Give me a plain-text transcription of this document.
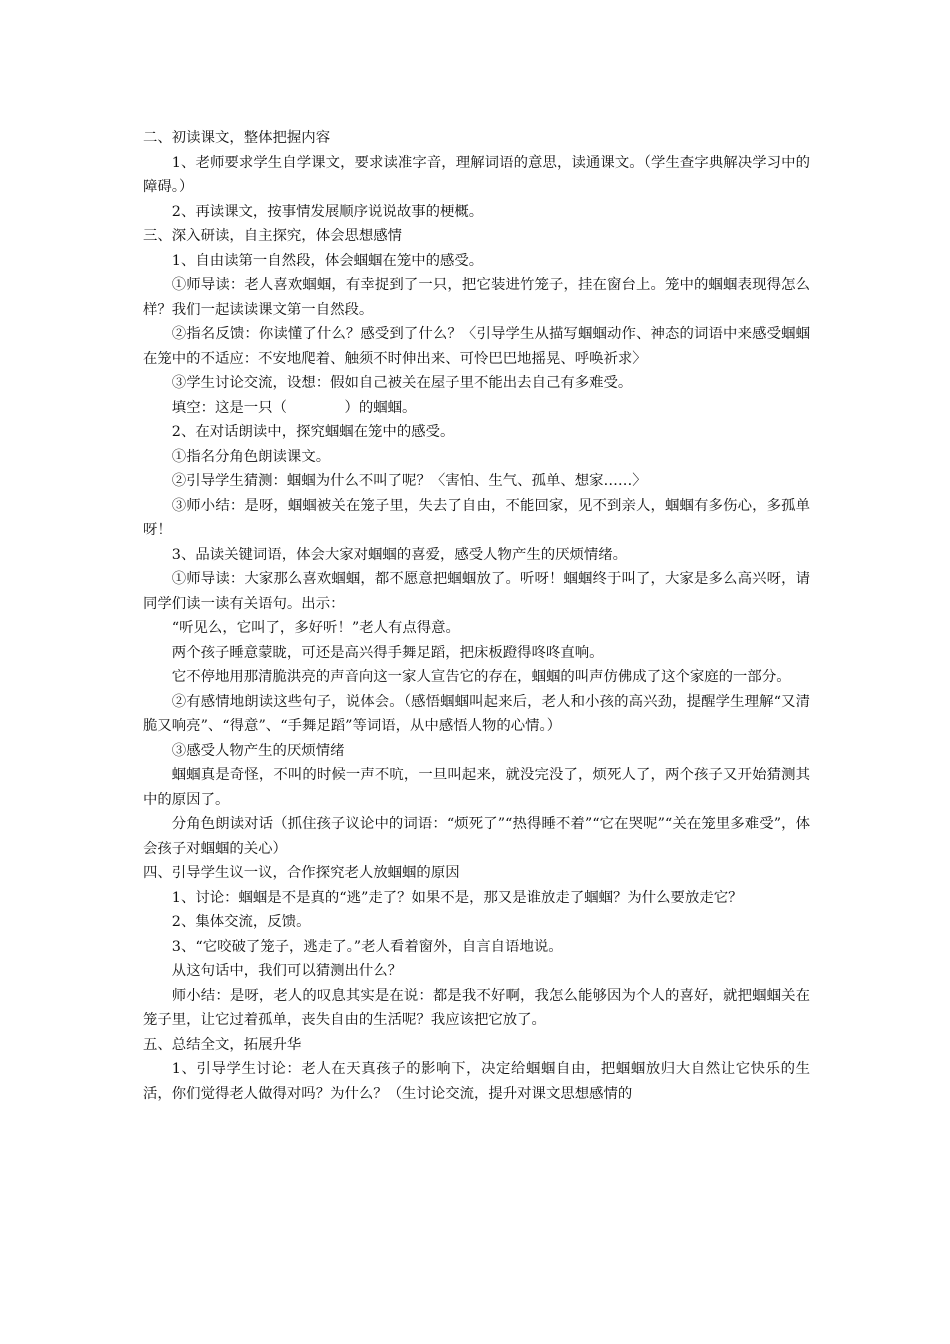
二、初读课文，整体把握内容

1、老师要求学生自学课文，要求读准字音，理解词语的意思，读通课文。（学生查字典解决学习中的障碍。）

2、再读课文，按事情发展顺序说说故事的梗概。

三、深入研读，自主探究，体会思想感情

1、自由读第一自然段，体会蝈蝈在笼中的感受。

①师导读：老人喜欢蝈蝈，有幸捉到了一只，把它装进竹笼子，挂在窗台上。笼中的蝈蝈表现得怎么样？我们一起读读课文第一自然段。

②指名反馈：你读懂了什么？感受到了什么？〈引导学生从描写蝈蝈动作、神态的词语中来感受蝈蝈在笼中的不适应：不安地爬着、触须不时伸出来、可怜巴巴地摇晃、呼唤祈求〉

③学生讨论交流，设想：假如自己被关在屋子里不能出去自己有多难受。

填空：这是一只（　　　　）的蝈蝈。

2、在对话朗读中，探究蝈蝈在笼中的感受。

①指名分角色朗读课文。

②引导学生猜测：蝈蝈为什么不叫了呢？〈害怕、生气、孤单、想家……〉

③师小结：是呀，蝈蝈被关在笼子里，失去了自由，不能回家，见不到亲人，蝈蝈有多伤心，多孤单呀！

3、品读关键词语，体会大家对蝈蝈的喜爱，感受人物产生的厌烦情绪。

①师导读：大家那么喜欢蝈蝈，都不愿意把蝈蝈放了。听呀！蝈蝈终于叫了，大家是多么高兴呀，请同学们读一读有关语句。出示：

“听见么，它叫了，多好听！”老人有点得意。

两个孩子睡意蒙眬，可还是高兴得手舞足蹈，把床板蹬得咚咚直响。

它不停地用那清脆洪亮的声音向这一家人宣告它的存在，蝈蝈的叫声仿佛成了这个家庭的一部分。

②有感情地朗读这些句子，说体会。（感悟蝈蝈叫起来后，老人和小孩的高兴劲，提醒学生理解“又清脆又响亮”、“得意”、“手舞足蹈”等词语，从中感悟人物的心情。）

③感受人物产生的厌烦情绪

蝈蝈真是奇怪，不叫的时候一声不吭，一旦叫起来，就没完没了，烦死人了，两个孩子又开始猜测其中的原因了。

分角色朗读对话（抓住孩子议论中的词语：“烦死了”“热得睡不着”“它在哭呢”“关在笼里多难受”，体会孩子对蝈蝈的关心）

四、引导学生议一议，合作探究老人放蝈蝈的原因

1、讨论：蝈蝈是不是真的“逃”走了？如果不是，那又是谁放走了蝈蝈？为什么要放走它？

2、集体交流，反馈。

3、“它咬破了笼子，逃走了。”老人看着窗外，自言自语地说。

从这句话中，我们可以猜测出什么？

师小结：是呀，老人的叹息其实是在说：都是我不好啊，我怎么能够因为个人的喜好，就把蝈蝈关在笼子里，让它过着孤单，丧失自由的生活呢？我应该把它放了。

五、总结全文，拓展升华

1、引导学生讨论：老人在天真孩子的影响下，决定给蝈蝈自由，把蝈蝈放归大自然让它快乐的生活，你们觉得老人做得对吗？为什么？（生讨论交流，提升对课文思想感情的
